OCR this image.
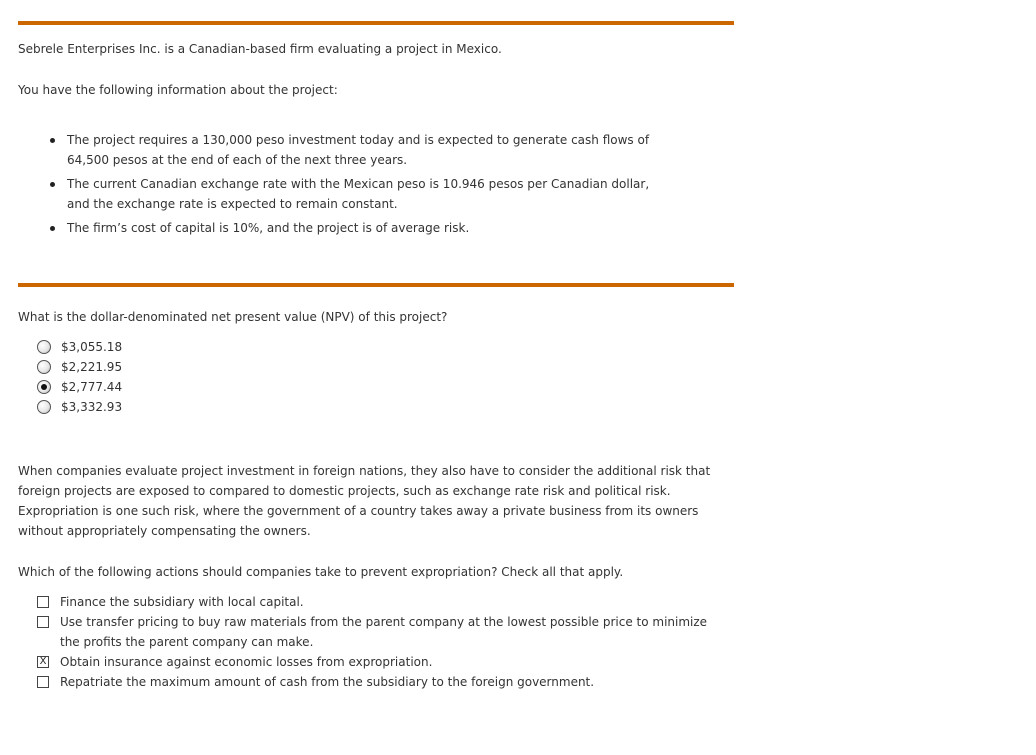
Sebrele Enterprises Inc. is a Canadian-based firm evaluating a project in Mexico.
You have the following information about the project:
The project requires a 130,000 peso investment today and is expected to generate cash flows of 64,500 pesos at the end of each of the next three years.
The current Canadian exchange rate with the Mexican peso is 10.946 pesos per Canadian dollar, and the exchange rate is expected to remain constant.
The firm’s cost of capital is 10%, and the project is of average risk.
What is the dollar-denominated net present value (NPV) of this project?
$3,055.18
$2,221.95
$2,777.44
$3,332.93
When companies evaluate project investment in foreign nations, they also have to consider the additional risk that foreign projects are exposed to compared to domestic projects, such as exchange rate risk and political risk. Expropriation is one such risk, where the government of a country takes away a private business from its owners without appropriately compensating the owners.
Which of the following actions should companies take to prevent expropriation? Check all that apply.
Finance the subsidiary with local capital.
Use transfer pricing to buy raw materials from the parent company at the lowest possible price to minimize the profits the parent company can make.
X Obtain insurance against economic losses from expropriation.
Repatriate the maximum amount of cash from the subsidiary to the foreign government.
